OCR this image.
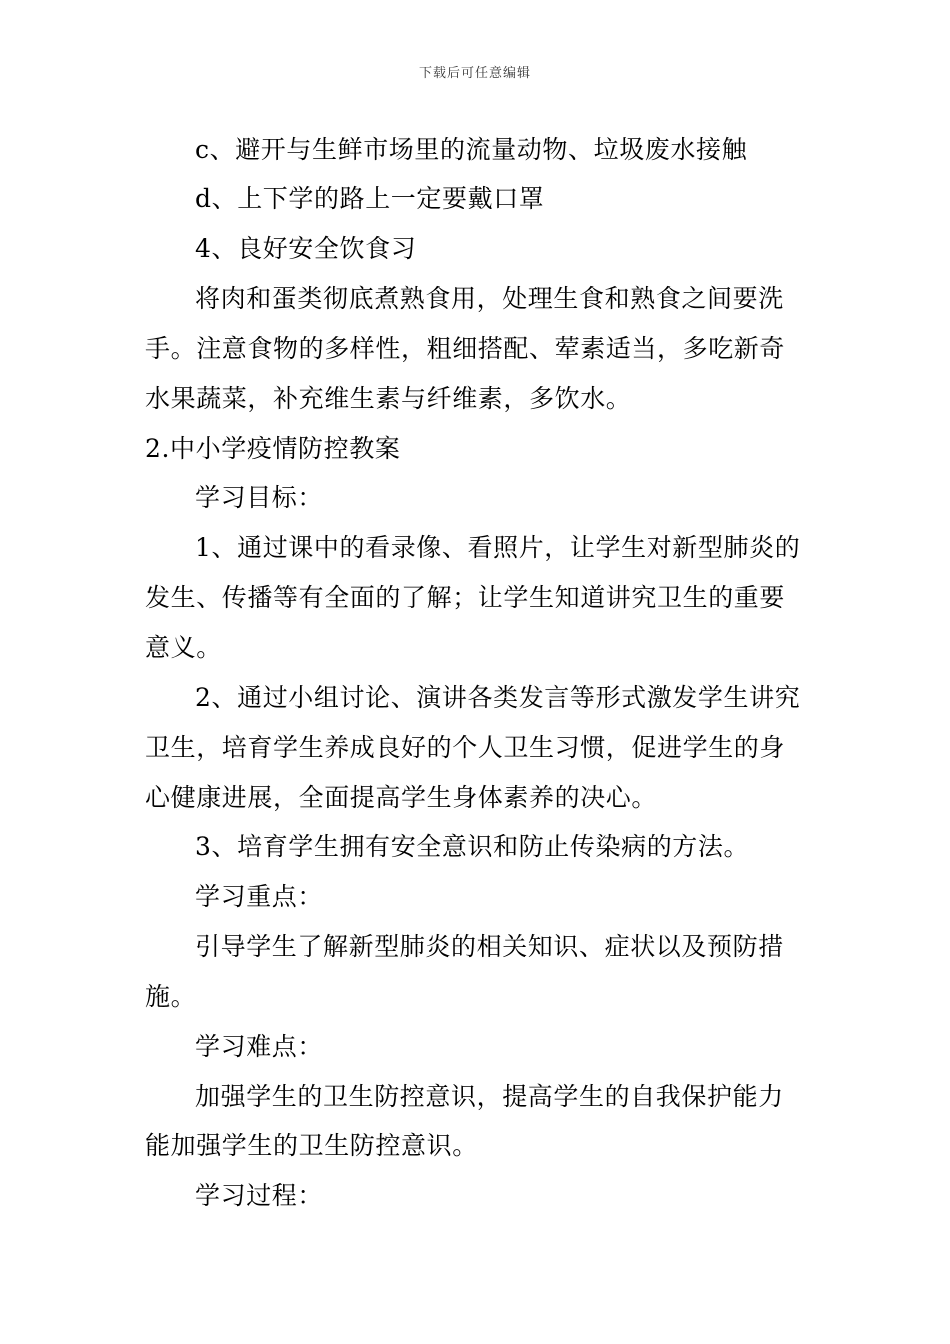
下载后可任意编辑
c、避开与生鲜市场里的流量动物、垃圾废水接触
d、上下学的路上一定要戴口罩
4、良好安全饮食习
将肉和蛋类彻底煮熟食用，处理生食和熟食之间要洗
手。注意食物的多样性，粗细搭配、荤素适当，多吃新奇
水果蔬菜，补充维生素与纤维素，多饮水。
2.中小学疫情防控教案
学习目标：
1、通过课中的看录像、看照片，让学生对新型肺炎的
发生、传播等有全面的了解；让学生知道讲究卫生的重要
意义。
2、通过小组讨论、演讲各类发言等形式激发学生讲究
卫生，培育学生养成良好的个人卫生习惯，促进学生的身
心健康进展，全面提高学生身体素养的决心。
3、培育学生拥有安全意识和防止传染病的方法。
学习重点：
引导学生了解新型肺炎的相关知识、症状以及预防措
施。
学习难点：
加强学生的卫生防控意识，提高学生的自我保护能力
能加强学生的卫生防控意识。
学习过程：
